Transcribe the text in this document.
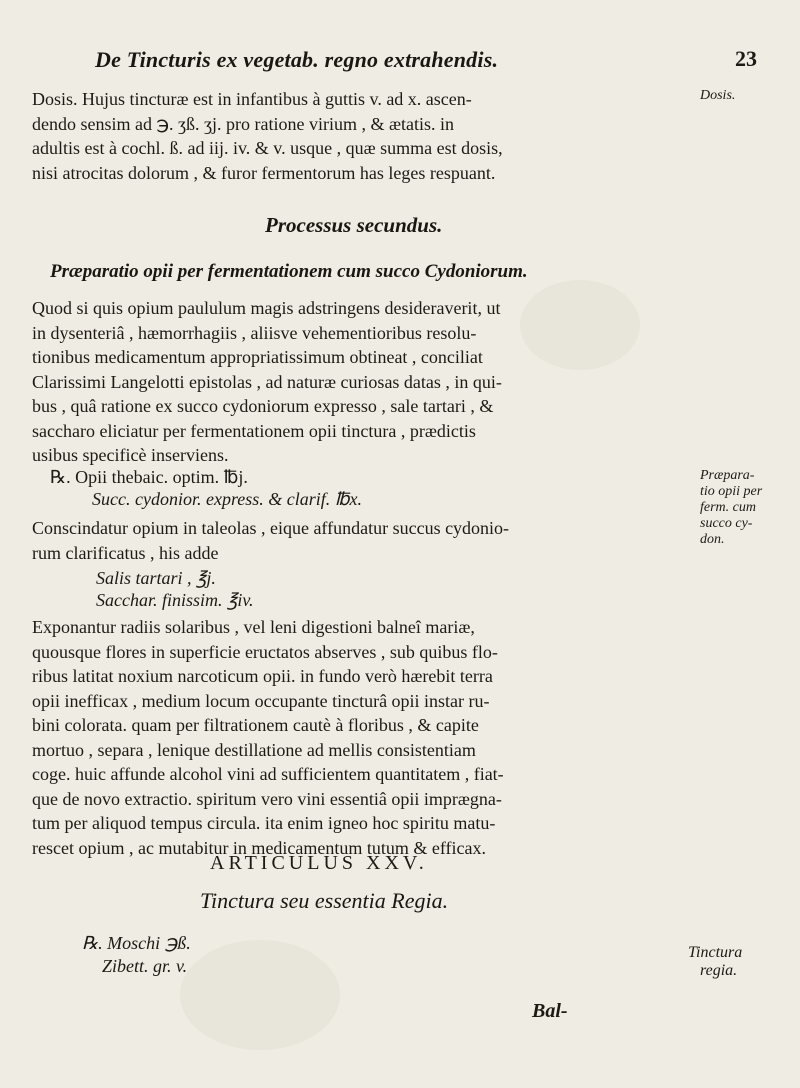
De Tincturis ex vegetab. regno extrahendis.	23
Dosis. Hujus tincturæ est in infantibus à guttis v. ad x. ascen-
dendo sensim ad ℈. ʒß. ʒj. pro ratione virium , & ætatis. in
adultis est à cochl. ß. ad iij. iv. & v. usque , quæ summa est dosis,
nisi atrocitas dolorum , & furor fermentorum has leges respuant.
Dosis.
Processus secundus.
Præparatio opii per fermentationem cum succo Cydoniorum.
Quod si quis opium paululum magis adstringens desideraverit, ut
in dysenteriâ , hæmorrhagiis , aliisve vehementioribus resolu-
tionibus medicamentum appropriatissimum obtineat , conciliat
Clarissimi Langelotti epistolas , ad naturæ curiosas datas , in qui-
bus , quâ ratione ex succo cydoniorum expresso , sale tartari , &
saccharo eliciatur per fermentationem opii tinctura , prædictis
usibus specificè inserviens.
Præpara-
tio opii per
ferm. cum
succo cy-
don.
℞. Opii thebaic. optim. ℔j.
Succ. cydonior. express. & clarif. ℔x.
Conscindatur opium in taleolas , eique affundatur succus cydonio-
rum clarificatus , his adde
Salis tartari , ℥j.
Sacchar. finissim. ℥iv.
Exponantur radiis solaribus , vel leni digestioni balneî mariæ,
quousque flores in superficie eructatos abserves , sub quibus flo-
ribus latitat noxium narcoticum opii. in fundo verò hærebit terra
opii inefficax , medium locum occupante tincturâ opii instar ru-
bini colorata. quam per filtrationem cautè à floribus , & capite
mortuo , separa , lenique destillatione ad mellis consistentiam
coge. huic affunde alcohol vini ad sufficientem quantitatem , fiat-
que de novo extractio. spiritum vero vini essentiâ opii imprægna-
tum per aliquod tempus circula. ita enim igneo hoc spiritu matu-
rescet opium , ac mutabitur in medicamentum tutum & efficax.
ARTICULUS XXV.
Tinctura seu essentia Regia.
℞. Moschi ℈ß.
Zibett. gr. v.
Tinctura
regia.
Bal-
